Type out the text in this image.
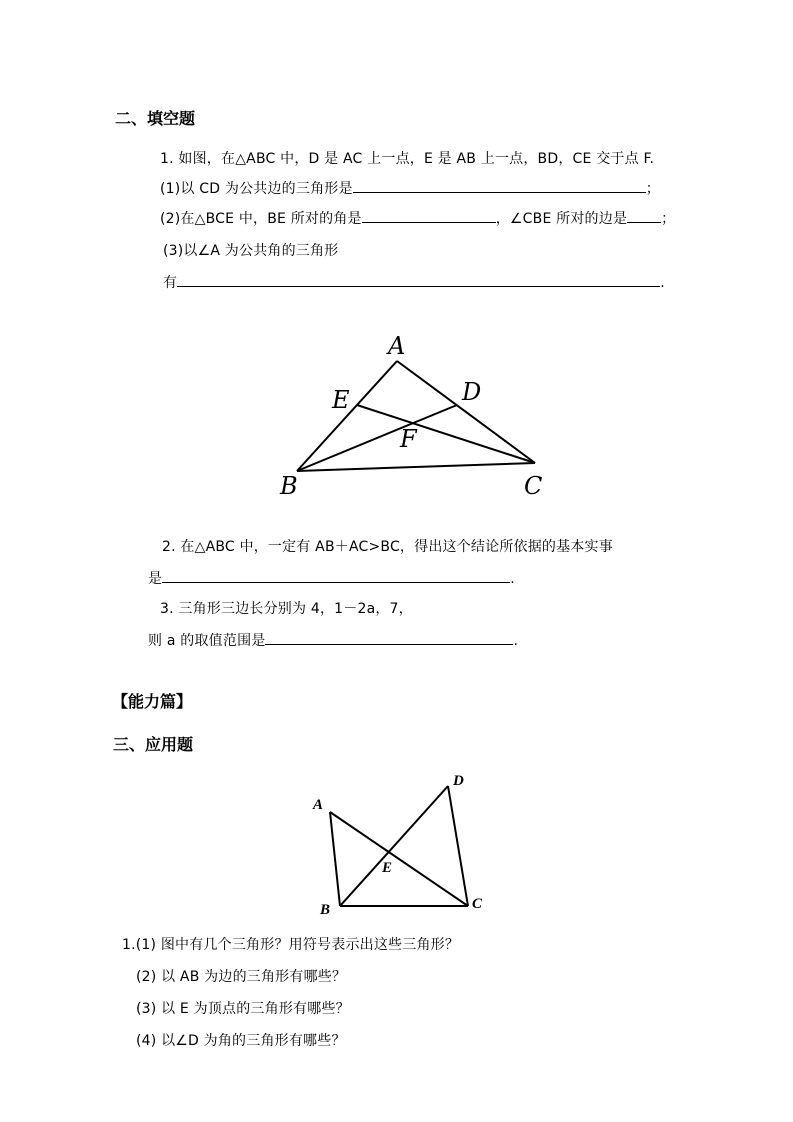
二、填空题
1. 如图，在△ABC 中，D 是 AC 上一点，E 是 AB 上一点，BD，CE 交于点 F.
(1)以 CD 为公共边的三角形是	；
(2)在△BCE 中，BE 所对的角是	，∠CBE 所对的边是 ；
(3)以∠A 为公共角的三角形
有	.
A
E	D
F
B	C
2. 在△ABC 中，一定有 AB＋AC>BC，得出这个结论所依据的基本实事
是	.
3. 三角形三边长分别为 4，1－2a，7，
则 a 的取值范围是	.
【能力篇】
三、应用题
A
D
E
B	C
1.(1) 图中有几个三角形？用符号表示出这些三角形？
(2) 以 AB 为边的三角形有哪些？
(3) 以 E 为顶点的三角形有哪些？
(4) 以∠D 为角的三角形有哪些？
